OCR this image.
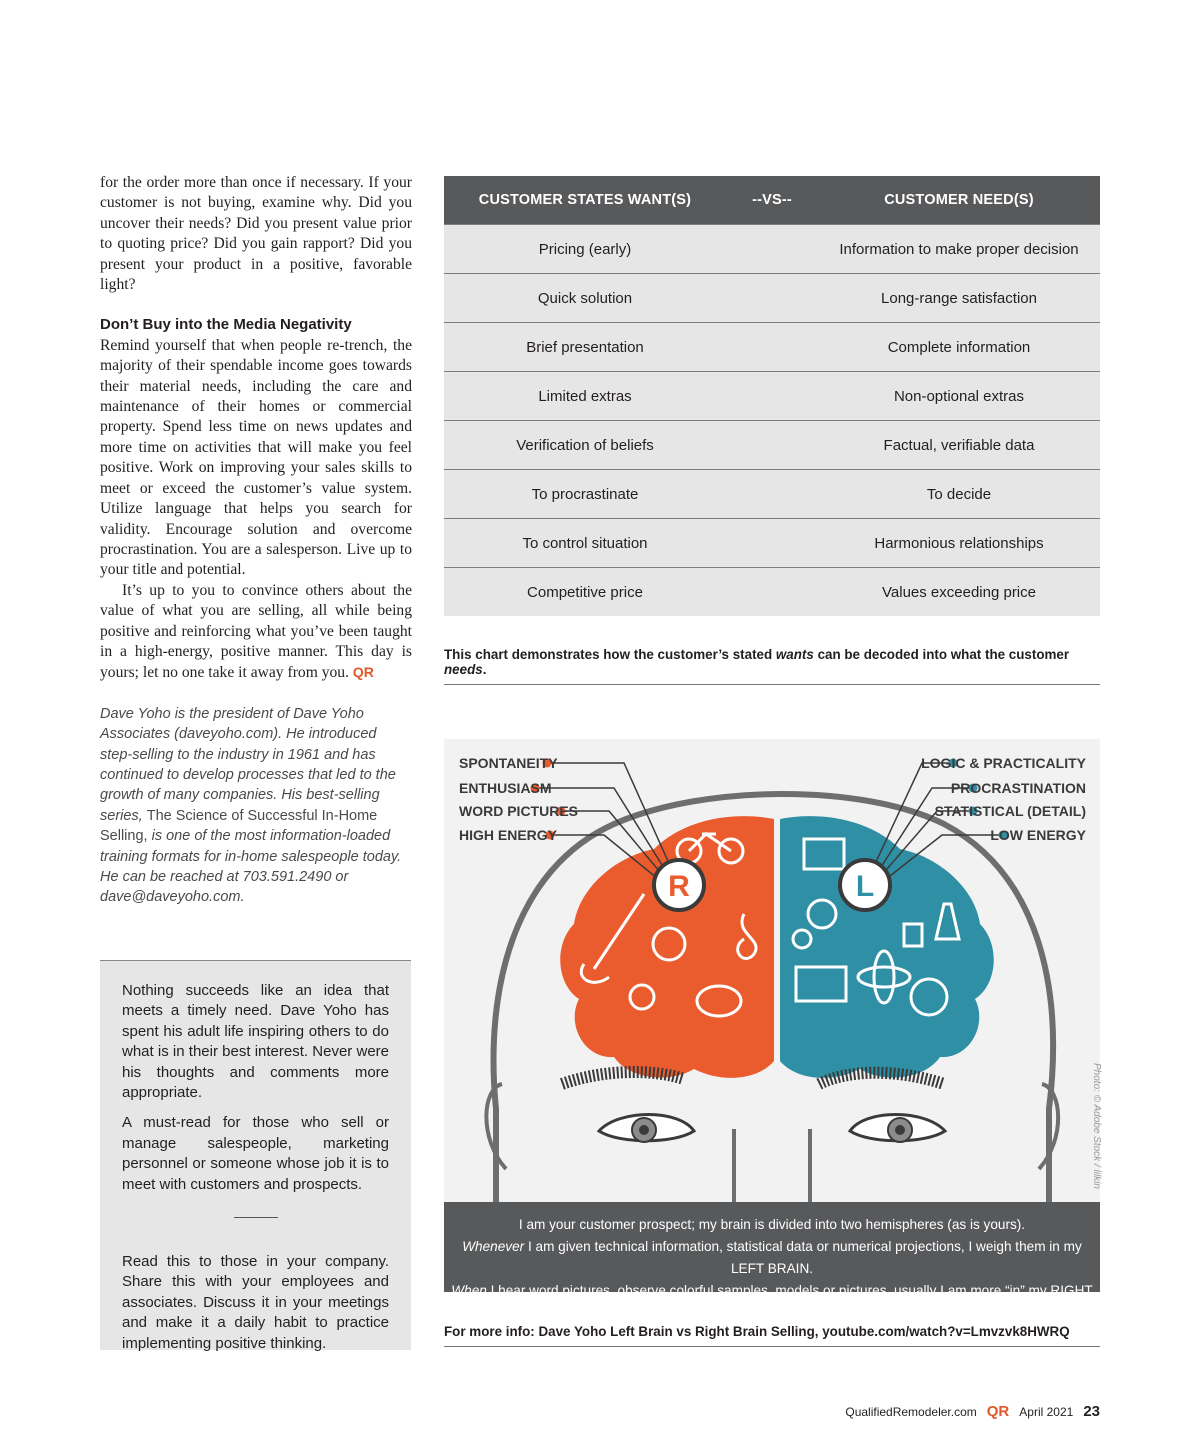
for the order more than once if necessary. If your customer is not buying, examine why. Did you uncover their needs? Did you present value prior to quoting price? Did you gain rapport? Did you present your product in a positive, favorable light?

Don’t Buy into the Media Negativity

Remind yourself that when people re-trench, the majority of their spendable income goes towards their material needs, including the care and maintenance of their homes or commercial property. Spend less time on news updates and more time on activities that will make you feel positive. Work on improving your sales skills to meet or exceed the customer’s value system. Utilize language that helps you search for validity. Encourage solution and overcome procrastination. You are a salesperson. Live up to your title and potential.

It’s up to you to convince others about the value of what you are selling, all while being positive and reinforcing what you’ve been taught in a high-energy, positive manner. This day is yours; let no one take it away from you. QR

Dave Yoho is the president of Dave Yoho Associates (daveyoho.com). He introduced step-selling to the industry in 1961 and has continued to develop processes that led to the growth of many companies. His best-selling series, The Science of Successful In-Home Selling, is one of the most information-loaded training formats for in-home salespeople today. He can be reached at 703.591.2490 or dave@daveyoho.com.

Nothing succeeds like an idea that meets a timely need. Dave Yoho has spent his adult life inspiring others to do what is in their best interest. Never were his thoughts and comments more appropriate.

A must-read for those who sell or manage salespeople, marketing personnel or someone whose job it is to meet with customers and prospects.

Read this to those in your company. Share this with your employees and associates. Discuss it in your meetings and make it a daily habit to practice implementing positive thinking.

CUSTOMER STATES WANT(S)	--VS--	CUSTOMER NEED(S)
Pricing (early)	Information to make proper decision
Quick solution	Long-range satisfaction
Brief presentation	Complete information
Limited extras	Non-optional extras
Verification of beliefs	Factual, verifiable data
To procrastinate	To decide
To control situation	Harmonious relationships
Competitive price	Values exceeding price
This chart demonstrates how the customer’s stated wants can be decoded into what the customer needs.
SPONTANEITY
ENTHUSIASM
WORD PICTURES
HIGH ENERGY
LOGIC & PRACTICALITY
PROCRASTINATION
STATISTICAL (DETAIL)
LOW ENERGY
R	L
Photo: © Adobe Stock / lilkin
I am your customer prospect; my brain is divided into two hemispheres (as is yours).
Whenever I am given technical information, statistical data or numerical projections, I weigh them in my LEFT BRAIN.
When I hear word pictures, observe colorful samples, models or pictures, usually I am more “in” my RIGHT BRAIN.
For more info: Dave Yoho Left Brain vs Right Brain Selling, youtube.com/watch?v=Lmvzvk8HWRQ
QualifiedRemodeler.com QR April 2021 23
